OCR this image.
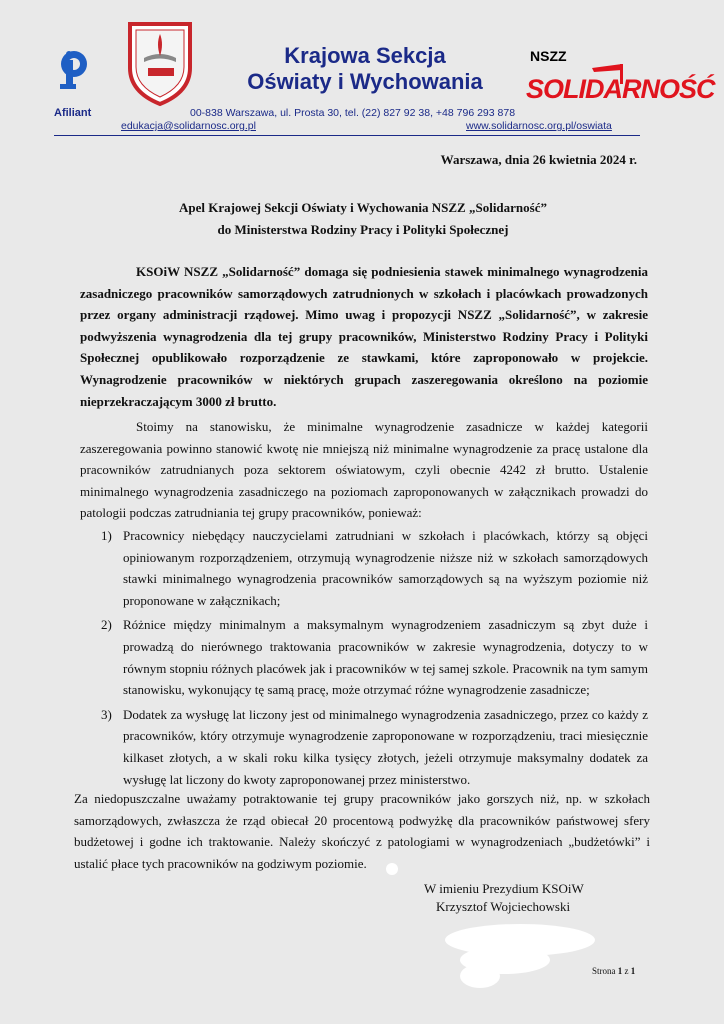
Krajowa Sekcja
Oświaty i Wychowania
NSZZ
SOLIDARNOŚĆ
Afiliant	00-838 Warszawa, ul. Prosta 30, tel. (22) 827 92 38, +48 796 293 878
edukacja@solidarnosc.org.pl	www.solidarnosc.org.pl/oswiata
Warszawa, dnia 26 kwietnia 2024 r.
Apel Krajowej Sekcji Oświaty i Wychowania NSZZ „Solidarność”
do Ministerstwa Rodziny Pracy i Polityki Społecznej

KSOiW NSZZ „Solidarność” domaga się podniesienia stawek minimalnego wynagrodzenia zasadniczego pracowników samorządowych zatrudnionych w szkołach i placówkach prowadzonych przez organy administracji rządowej. Mimo uwag i propozycji NSZZ „Solidarność”, w zakresie podwyższenia wynagrodzenia dla tej grupy pracowników, Ministerstwo Rodziny Pracy i Polityki Społecznej opublikowało rozporządzenie ze stawkami, które zaproponowało w projekcie. Wynagrodzenie pracowników w niektórych grupach zaszeregowania określono na poziomie nieprzekraczającym 3000 zł brutto.

Stoimy na stanowisku, że minimalne wynagrodzenie zasadnicze w każdej kategorii zaszeregowania powinno stanowić kwotę nie mniejszą niż minimalne wynagrodzenie za pracę ustalone dla pracowników zatrudnianych poza sektorem oświatowym, czyli obecnie 4242 zł brutto. Ustalenie minimalnego wynagrodzenia zasadniczego na poziomach zaproponowanych w załącznikach prowadzi do patologii podczas zatrudniania tej grupy pracowników, ponieważ:

1) Pracownicy niebędący nauczycielami zatrudniani w szkołach i placówkach, którzy są objęci opiniowanym rozporządzeniem, otrzymują wynagrodzenie niższe niż w szkołach samorządowych stawki minimalnego wynagrodzenia pracowników samorządowych są na wyższym poziomie niż proponowane w załącznikach;
2) Różnice między minimalnym a maksymalnym wynagrodzeniem zasadniczym są zbyt duże i prowadzą do nierównego traktowania pracowników w zakresie wynagrodzenia, dotyczy to w równym stopniu różnych placówek jak i pracowników w tej samej szkole. Pracownik na tym samym stanowisku, wykonujący tę samą pracę, może otrzymać różne wynagrodzenie zasadnicze;
3) Dodatek za wysługę lat liczony jest od minimalnego wynagrodzenia zasadniczego, przez co każdy z pracowników, który otrzymuje wynagrodzenie zaproponowane w rozporządzeniu, traci miesięcznie kilkaset złotych, a w skali roku kilka tysięcy złotych, jeżeli otrzymuje maksymalny dodatek za wysługę lat liczony do kwoty zaproponowanej przez ministerstwo.

Za niedopuszczalne uważamy potraktowanie tej grupy pracowników jako gorszych niż, np. w szkołach samorządowych, zwłaszcza że rząd obiecał 20 procentową podwyżkę dla pracowników państwowej sfery budżetowej i godne ich traktowanie. Należy skończyć z patologiami w wynagrodzeniach „budżetówki” i ustalić płace tych pracowników na godziwym poziomie.

W imieniu Prezydium KSOiW
Krzysztof Wojciechowski
Strona 1 z 1
